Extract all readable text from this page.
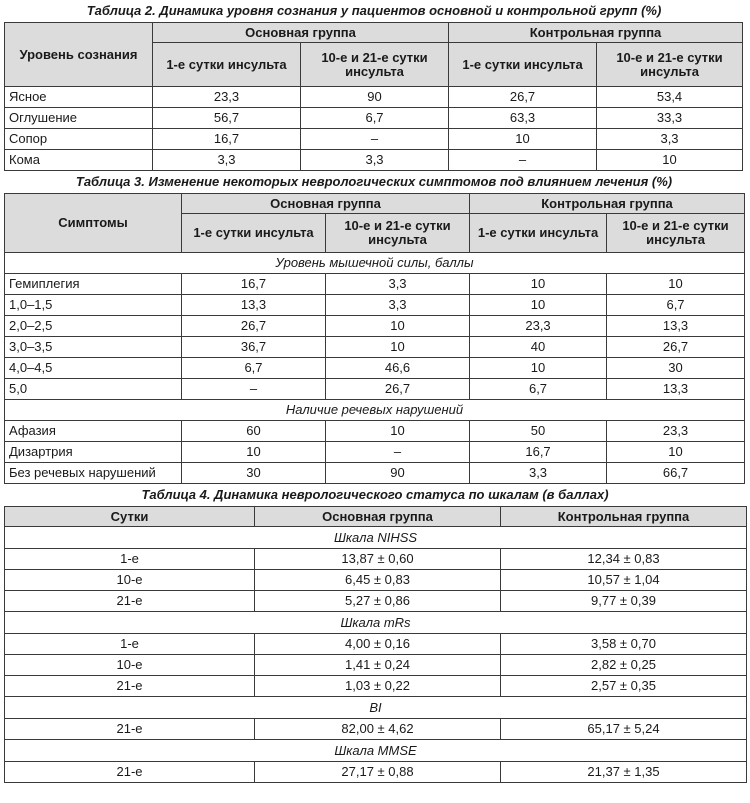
Таблица 2. Динамика уровня сознания у пациентов основной и контрольной групп (%)
Уровень сознания	Основная группа		Контрольная группа	
	1-е сутки инсульта	10-е и 21-е сутки инсульта	1-е сутки инсульта	10-е и 21-е сутки инсульта
Ясное	23,3	90	26,7	53,4
Оглушение	56,7	6,7	63,3	33,3
Сопор	16,7	–	10	3,3
Кома	3,3	3,3	–	10
Таблица 3. Изменение некоторых неврологических симптомов под влиянием лечения (%)
Симптомы	Основная группа		Контрольная группа	
	1-е сутки инсульта	10-е и 21-е сутки инсульта	1-е сутки инсульта	10-е и 21-е сутки инсульта
Уровень мышечной силы, баллы				
Гемиплегия	16,7	3,3	10	10
1,0–1,5	13,3	3,3	10	6,7
2,0–2,5	26,7	10	23,3	13,3
3,0–3,5	36,7	10	40	26,7
4,0–4,5	6,7	46,6	10	30
5,0	–	26,7	6,7	13,3
Наличие речевых нарушений				
Афазия	60	10	50	23,3
Дизартрия	10	–	16,7	10
Без речевых нарушений	30	90	3,3	66,7
Таблица 4. Динамика неврологического статуса по шкалам (в баллах)
Сутки	Основная группа	Контрольная группа
Шкала NIHSS		
1-е	13,87 ± 0,60	12,34 ± 0,83
10-е	6,45 ± 0,83	10,57 ± 1,04
21-е	5,27 ± 0,86	9,77 ± 0,39
Шкала mRs		
1-е	4,00 ± 0,16	3,58 ± 0,70
10-е	1,41 ± 0,24	2,82 ± 0,25
21-е	1,03 ± 0,22	2,57 ± 0,35
BI		
21-е	82,00 ± 4,62	65,17 ± 5,24
Шкала MMSE		
21-е	27,17 ± 0,88	21,37 ± 1,35
